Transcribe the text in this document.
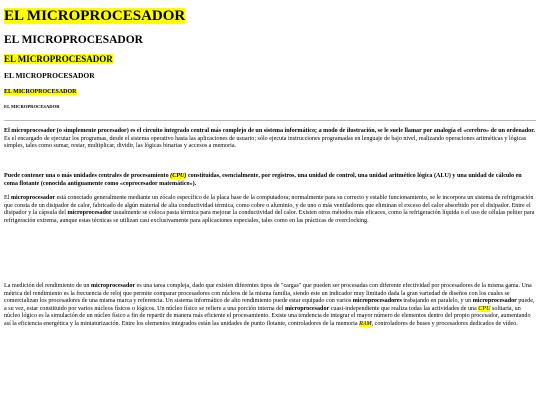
EL MICROPROCESADOR
EL MICROPROCESADOR
EL MICROPROCESADOR
EL MICROPROCESADOR
EL MICROPROCESADOR
EL MICROPROCESADOR

El microprocesador (o simplemente procesador) es el circuito integrado central más complejo de un sistema informático; a modo de ilustración, se le suele llamar por analogía el «cerebro» de un ordenador.
Es el encargado de ejecutar los programas, desde el sistema operativo hasta las aplicaciones de usuario; sólo ejecuta instrucciones programadas en lenguaje de bajo nivel, realizando operaciones aritméticas y lógicas simples, tales como sumar, restar, multiplicar, dividir, las lógicas binarias y accesos a memoria.

Puede contener una o más unidades centrales de procesamiento (CPU) constituidas, esencialmente, por registros, una unidad de control, una unidad aritmético lógica (ALU) y una unidad de cálculo en coma flotante (conocida antiguamente como «coprocesador matemático»).

El microprocesador está conectado generalmente mediante un zócalo específico de la placa base de la computadora; normalmente para su correcto y estable funcionamiento, se le incorpora un sistema de refrigeración que consta de un disipador de calor, fabricado de algún material de alta conductividad térmica, como cobre o aluminio, y de uno o más ventiladores que eliminan el exceso del calor absorbido por el disipador. Entre el disipador y la cápsula del microprocesador usualmente se coloca pasta térmica para mejorar la conductividad del calor. Existen otros métodos más eficaces, como la refrigeración líquida o el uso de células peltier para refrigeración extrema, aunque estas técnicas se utilizan casi exclusivamente para aplicaciones especiales, tales como en las prácticas de overclocking.

La medición del rendimiento de un microprocesador es una tarea compleja, dado que existen diferentes tipos de "cargas" que pueden ser procesadas con diferente efectividad por procesadores de la misma gama. Una métrica del rendimiento es la frecuencia de reloj que permite comparar procesadores con núcleos de la misma familia, siendo este un indicador muy limitado dada la gran variedad de diseños con los cuales se comercializan los procesadores de una misma marca y referencia. Un sistema informático de alto rendimiento puede estar equipado con varios microprocesadores trabajando en paralelo, y un microprocesador puede, a su vez, estar constituido por varios núcleos físicos o lógicos. Un núcleo físico se refiere a una porción interna del microprocesador cuasi-independiente que realiza todas las actividades de una CPU solitaria, un núcleo lógico es la simulación de un núcleo físico a fin de repartir de manera más eficiente el procesamiento. Existe una tendencia de integrar el mayor número de elementos dentro del propio procesador, aumentando así la eficiencia energética y la miniaturización. Entre los elementos integrados están las unidades de punto flotante, controladores de la memoria RAM, controladores de buses y procesadores dedicados de vídeo.
